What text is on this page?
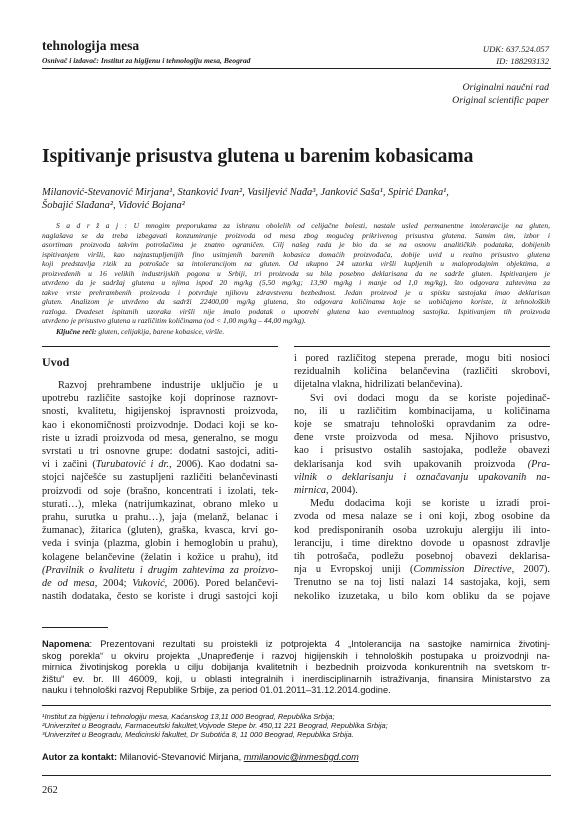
tehnologija mesa
Osnivač i izdavač: Institut za higijenu i tehnologiju mesa, Beograd
UDK: 637.524.057
ID: 188293132
Originalni naučni rad
Original scientific paper
Ispitivanje prisustva glutena u barenim kobasicama
Milanović-Stevanović Mirjana¹, Stanković Ivan², Vasiljević Nađa³, Janković Saša¹, Spirić Danka¹,
Šobajić Slađana², Vidović Bojana²
S a d r ž a j : U mnogim preporukama za ishranu obolelih od celijačne bolesti, nastale usled permanentne intolerancije na gluten,
naglašava se da treba izbegavati konzumiranje proizvoda od mesa zbog mogućeg prikrivenog prisustva glutena. Samim tim, izbor i
asortiman proizvoda takvim potrošačima je znatno ograničen. Cilj našeg rada je bio da se na osnovu analitičkih podataka, dobijenih
ispitivanjem viršli, kao najzastupljenijih fino usitnjenih barenih kobasica domaćih proizvođača, dobije uvid u realno prisustvo glutena
koji predstavlja rizik za potrošače sa intolerancijom na gluten. Od ukupno 24 uzorka viršli kupljenih u maloprodajnim objektima, a
proizvedenih u 16 velikih industrijskih pogona u Srbiji, tri proizvoda su bila posebno deklarisana da ne sadrže gluten. Ispitivanjem je
utvrđeno da je sadržaj glutena u njima ispod 20 mg/kg (5,50 mg/kg; 13,90 mg/kg i manje od 1,0 mg/kg), što odgovara zahtevima za
takve vrste prehrambenih proizvoda i potvrđuje njihovu zdravstvenu bezbednost. Jedan proizvod je u spisku sastojaka imao deklarisan
gluten. Analizom je utvrđeno da sadrži 22400,00 mg/kg glutena, što odgovara količinama koje se uobičajeno koriste, iz tehnoloških
razloga. Dvadeset ispitanih uzoraka viršli nije imalo podatak o upotrebi glutena kao eventualnog sastojka. Ispitivanjem tih proizvoda
utvrđeno je prisustvo glutena u različitim količinama (od < 1,00 mg/kg – 44,00 mg/kg).
Ključne reči: gluten, celijakija, barene kobasice, viršle.
Uvod
Razvoj prehrambene industrije uključio je u
upotrebu različite sastojke koji doprinose raznovr-
snosti, kvalitetu, higijenskoj ispravnosti proizvoda,
kao i ekonomičnosti proizvodnje. Dodaci koji se ko-
riste u izradi proizvoda od mesa, generalno, se mogu
svrstati u tri osnovne grupe: dodatni sastojci, aditi-
vi i začini (Turubatović i dr., 2006). Kao dodatni sa-
stojci najčešće su zastupljeni različiti belančevinasti
proizvodi od soje (brašno, koncentrati i izolati, tek-
sturati…), mleka (natrijumkazinat, obrano mleko u
prahu, surutka u prahu…), jaja (melanž, belanac i
žumanac), žitarica (gluten), graška, kvasca, krvi go-
veda i svinja (plazma, globin i hemoglobin u prahu),
kolagene belančevine (želatin i kožice u prahu), itd
(Pravilnik o kvalitetu i drugim zahtevima za proizvo-
de od mesa, 2004; Vuković, 2006). Pored belančevi-
nastih dodataka, često se koriste i drugi sastojci koji
i pored različitog stepena prerade, mogu biti nosioci
rezidualnih količina belančevina (različiti skrobovi,
dijetalna vlakna, hidrilizati belančevina).
Svi ovi dodaci mogu da se koriste pojedinač-
no, ili u različitim kombinacijama, u količinama
koje se smatraju tehnološki opravdanim za odre-
đene vrste proizvoda od mesa. Njihovo prisustvo,
kao i prisustvo ostalih sastojaka, podleže obavezi
deklarisanja kod svih upakovanih proizvoda (Pra-
vilnik o deklarisanju i označavanju upakovanih na-
mirnica, 2004).
Među dodacima koji se koriste u izradi proi-
zvoda od mesa nalaze se i oni koji, zbog osobine da
kod predisponiranih osoba uzrokuju alergiju ili into-
leranciju, i time direktno dovode u opasnost zdravlje
tih potrošača, podležu posebnoj obavezi deklarisa-
nja u Evropskoj uniji (Commission Directive, 2007).
Trenutno se na toj listi nalazi 14 sastojaka, koji, sem
nekoliko izuzetaka, u bilo kom obliku da se pojave
Napomena: Prezentovani rezultati su proistekli iz potprojekta 4 „Intolerancija na sastojke namirnica životinj-
skog porekla“ u okviru projekta „Unapređenje i razvoj higijenskih i tehnoloških postupaka u proizvodnji na-
mirnica životinjskog porekla u cilju dobijanja kvalitetnih i bezbednih proizvoda konkurentnih na svetskom tr-
žištu“ ev. br. III 46009, koji, u oblasti integralnih i inerdisciplinarnih istraživanja, finansira Ministarstvo za
nauku i tehnološki razvoj Republike Srbije, za period 01.01.2011–31.12.2014.godine.
¹Institut za higijenu i tehnologiju mesa, Kaćanskog 13,11 000 Beograd, Republika Srbija;
²Univerzitet u Beogradu, Farmaceutski fakultet,Vojvode Stepe br. 450,11 221 Beograd, Republika Srbija;
³Univerzitet u Beogradu, Medicinski fakultet, Dr Subotića 8, 11 000 Beograd, Republika Srbija.
Autor za kontakt: Milanović-Stevanović Mirjana, mmilanovic@inmesbgd.com
262
